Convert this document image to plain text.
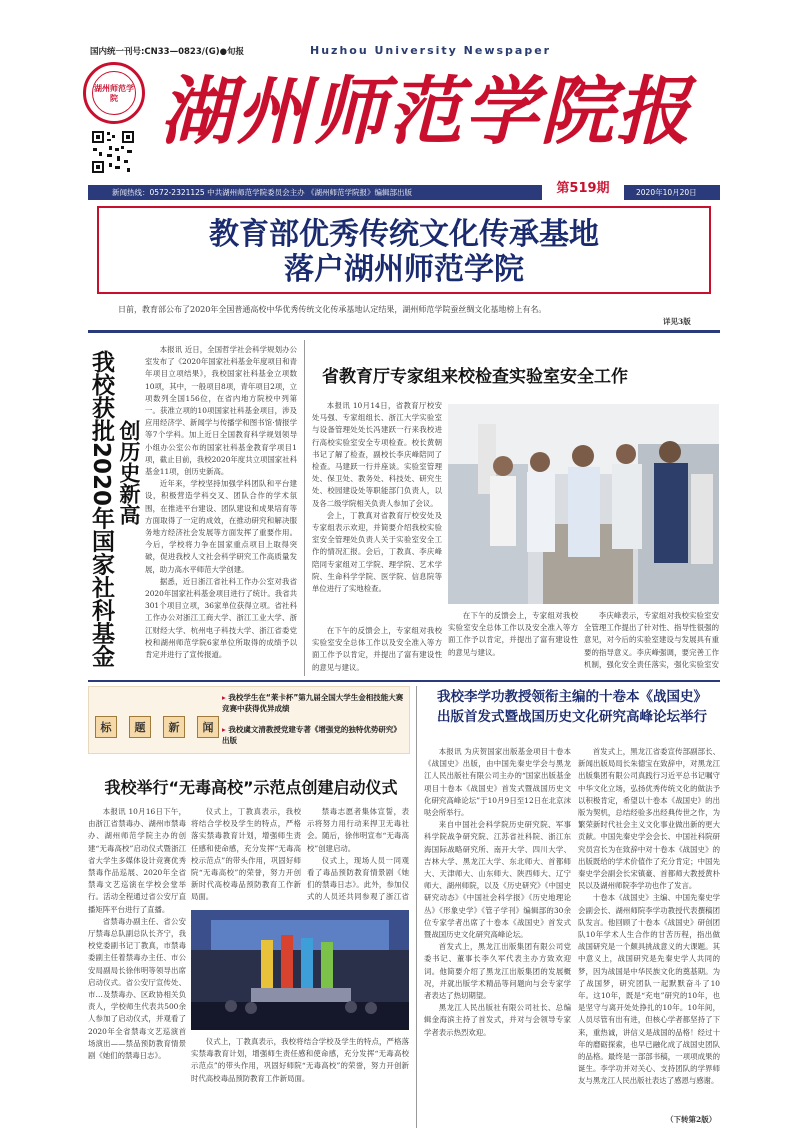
国内统一刊号:CN33—0823/(G)●旬报	Huzhou University Newspaper
湖州师范学院 湖州师范学院报
新闻热线：0572-2321125 中共湖州师范学院委员会主办 《湖州师范学院报》编辑部出版	第519期	2020年10月20日
教育部优秀传统文化传承基地
落户湖州师范学院
日前，教育部公布了2020年全国普通高校中华优秀传统文化传承基地认定结果，湖州师范学院蚕丝绸文化基地榜上有名。
详见3版
我校获批2020年国家社科基金
创历史新高

本报讯 近日，全国哲学社会科学规划办公室发布了《2020年国家社科基金年度项目和青年项目立项结果》，我校国家社科基金立项数10项，其中，一般项目8项，青年项目2项，立项数列全国156位，在省内地方院校中列第一。获准立项的10项国家社科基金项目，涉及应用经济学、新闻学与传播学和图书馆·情报学等7个学科。加上近日全国教育科学规划领导小组办公室公布的国家社科基金教育学项目1项，截止目前，我校2020年度共立项国家社科基金11项，创历史新高。

近年来，学校坚持加强学科团队和平台建设，积极营造学科交叉、团队合作的学术氛围，在推进平台建设、团队建设和成果培育等方面取得了一定的成效，在推动研究和解决服务地方经济社会发展等方面发挥了重要作用。今后，学校将力争在国家重点项目上取得突破，促进我校人文社会科学研究工作高质量发展，助力高水平师范大学创建。

据悉，近日浙江省社科工作办公室对我省2020年国家社科基金项目进行了统计。我省共301个项目立项，36家单位获得立项。省社科工作办公对浙江工商大学、浙江工业大学、浙江财经大学、杭州电子科技大学、浙江省委党校和湖州师范学院6家单位所取得的成绩予以肯定并进行了宣传报道。

省教育厅专家组来校检查实验室安全工作

本报讯 10月14日，省教育厅校安处马强、专家组组长、浙江大学实验室与设备管理处处长冯建跃一行来我校进行高校实验室安全专项检查。校长黄朝书记了解了检查，副校长李庆峰陪同了检查。马建跃一行并座谈。实验室管理处、保卫处、教务处、科技处、研究生处、校园建设处等职能部门负责人，以及各二级学院相关负责人参加了会议。

会上，丁教真对省教育厅校安处及专家组表示欢迎，并简要介绍我校实验室安全管理处负责人关于实验室安全工作的情况汇报。会后，丁教真、李庆峰陪同专家组对工学院、理学院、艺术学院、生命科学学院、医学院、信息院等单位进行了实地检查。

在下午的反馈会上，专家组对我校实验室安全总体工作以及安全准入等方面工作予以肯定，并提出了富有建设性的意见与建议。

李庆峰表示，专家组对我校实验室安全管理工作提出了针对性、指导性很强的意见，对今后的实验室建设与发展具有重要的指导意义。李庆峰强调，要完善工作机制，强化安全责任落实，强化实验室安

在下午的反馈会上，专家组对我校实验室安全总体工作以及安全准入等方面工作予以肯定，并提出了富有建设性的意见与建议。

标	题	新	闻
▸ 我校学生在“莱卡杯”第九届全国大学生金相技能大赛竞赛中获得优异成绩
▸ 我校虞文清教授党建专著《增强党的独特优势研究》出版
我校举行“无毒高校”示范点创建启动仪式

本报讯 10月16日下午，由浙江省禁毒办、湖州市禁毒办、湖州师范学院主办的创建“无毒高校”启动仪式暨浙江省大学生多媒体设计竞赛优秀禁毒作品巡展、2020年全省禁毒文艺巡演在学校会堂举行。活动全程通过省公安厅直播矩阵平台进行了直播。

省禁毒办副主任、省公安厅禁毒总队副总队长齐宁，我校党委副书记丁教真，市禁毒委副主任着禁毒办主任、市公安局副局长徐伟明等领导出席启动仪式。省公安厅宣传处、市…及禁毒办、区政协相关负责人，学校师生代表共500余人参加了启动仪式，并观看了2020年全省禁毒文艺巡演首场演出——禁品预防教育情景剧《她们的禁毒日志》。

仪式上，丁教真表示，我校将结合学校及学生的特点，严格落实禁毒教育计划，增强师生责任感和使命感，充分发挥“无毒高校示范点”的带头作用，巩固好师院“无毒高校”的荣誉，努力开创新时代高校毒品预防教育工作新局面。

禁毒志愿者集体宣誓，表示将努力用行动来捍卫无毒社会。随后，徐伟明宣布“无毒高校”创建启动。

仪式上，现场人员一同观看了毒品预防教育情景剧《她们的禁毒日志》。此外，参加仪式的人员还共同参观了浙江省

仪式上，丁教真表示，我校将结合学校及学生的特点，严格落实禁毒教育计划，增强师生责任感和使命感，充分发挥“无毒高校示范点”的带头作用，巩固好师院“无毒高校”的荣誉，努力开创新时代高校毒品预防教育工作新局面。

我校李学功教授领衔主编的十卷本《战国史》
出版首发式暨战国历史文化研究高峰论坛举行

本报讯 为庆贺国家出版基金项目十卷本《战国史》出版，由中国先秦史学会与黑龙江人民出版社有限公司主办的“国家出版基金项目十卷本《战国史》首发式暨战国历史文化研究高峰论坛”于10月9日至12日在北京沫哒会所举行。

来自中国社会科学院历史研究院、军事科学院战争研究院、江苏省社科院、浙江东海国际战略研究所、南开大学、四川大学、吉林大学、黑龙江大学、东北师大、首都师大、天津师大、山东师大、陕西师大、辽宁师大、湖州师院，以及《历史研究》《中国史研究动态》《中国社会科学报》《历史地理论丛》《形象史学》《管子学刊》编辑部的30余位专家学者出席了十卷本《战国史》首发式暨战国历史文化研究高峰论坛。

首发式上，黑龙江出版集团有限公司党委书记、董事长李久军代表主办方致欢迎词。他简要介绍了黑龙江出版集团的发展概况，并就出版学术精品等问题向与会专家学者表达了热切期望。

黑龙江人民出版社有限公司社长、总编辑金海滨主持了首发式，并对与会领导专家学者表示热烈欢迎。

首发式上，黑龙江省委宣传部副部长、新闻出版局局长朱德宝在致辞中，对黑龙江出版集团有限公司真践行习近平总书记嘱守中华文化立场，弘扬优秀传统文化的做法予以积极肯定，希望以十卷本《战国史》的出版为契机，总结经验多出经典传世之作，为繁荣新时代社会主义文化事业做出新的更大贡献。中国先秦史学会会长、中国社科院研究员宫长为在致辞中对十卷本《战国史》的出版既给的学术价值作了充分肯定；中国先秦史学会副会长宋镇豪、首都师大教授黄朴民以及湖州师院李学功也作了发言。

十卷本《战国史》主编、中国先秦史学会副会长、湖州师院李学功教授代表撰稿团队发言。他回顾了十卷本《战国史》研创团队10年学术人生合作的甘苦历程，指出做战国研究是一个颇具挑战意义的大课题。其中意义上，战国研究是先秦史学人共同的梦，因为战国是中华民族文化的奠基期。为了战国梦，研究团队一起默默奋斗了10年。这10年，既是“充电”研究的10年，也是坚守与离开处处挣扎的10年。10年间，人员尽管有出有进，但核心学者都坚持了下来，重热诚，讲信义是战国的品格！经过十年的磨砺探索，也早已融化成了战国史团队的品格。最终是一部部书稿，一项项成果的诞生。李学功并对关心、支持团队的学界师友与黑龙江人民出版社表达了感恩与感谢。

（下转第2版）
